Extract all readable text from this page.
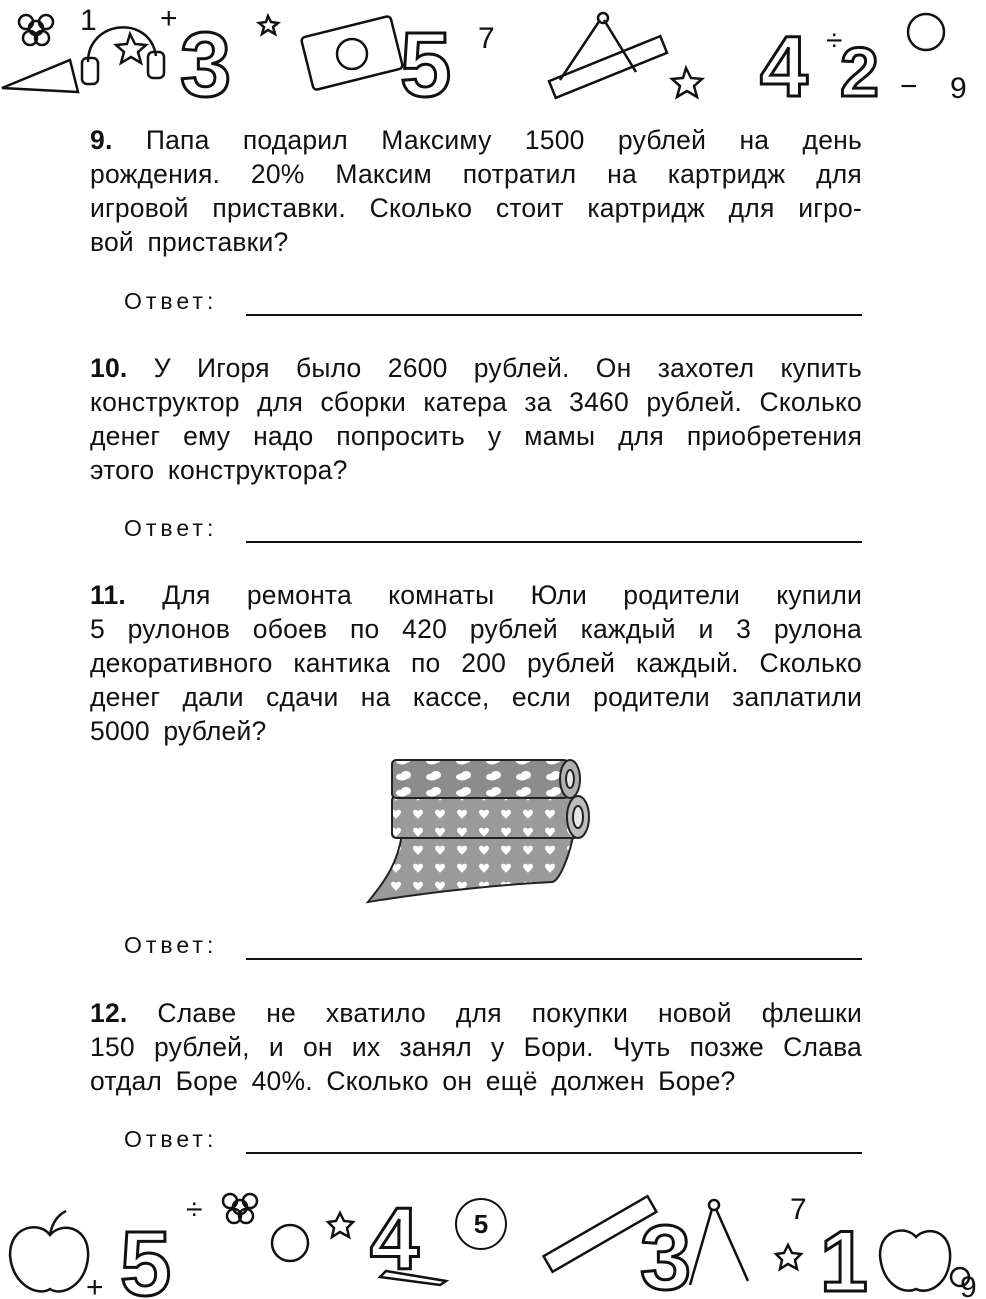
3 5	4 2
1
7
9
+
−
÷
9. Папа подарил Максиму 1500 рублей на день
рождения. 20% Максим потратил на картридж для
игровой приставки. Сколько стоит картридж для игро-
вой приставки?
Ответ:
10. У Игоря было 2600 рублей. Он захотел купить
конструктор для сборки катера за 3460 рублей. Сколько
денег ему надо попросить у мамы для приобретения
этого конструктора?
Ответ:
11. Для ремонта комнаты Юли родители купили
5 рулонов обоев по 420 рублей каждый и 3 рулона
декоративного кантика по 200 рублей каждый. Сколько
денег дали сдачи на кассе, если родители заплатили
5000 рублей?
Ответ:
12. Славе не хватило для покупки новой флешки
150 рублей, и он их занял у Бори. Чуть позже Слава
отдал Боре 40%. Сколько он ещё должен Боре?
Ответ:
5 4 3 1
7
9
+
÷	5
